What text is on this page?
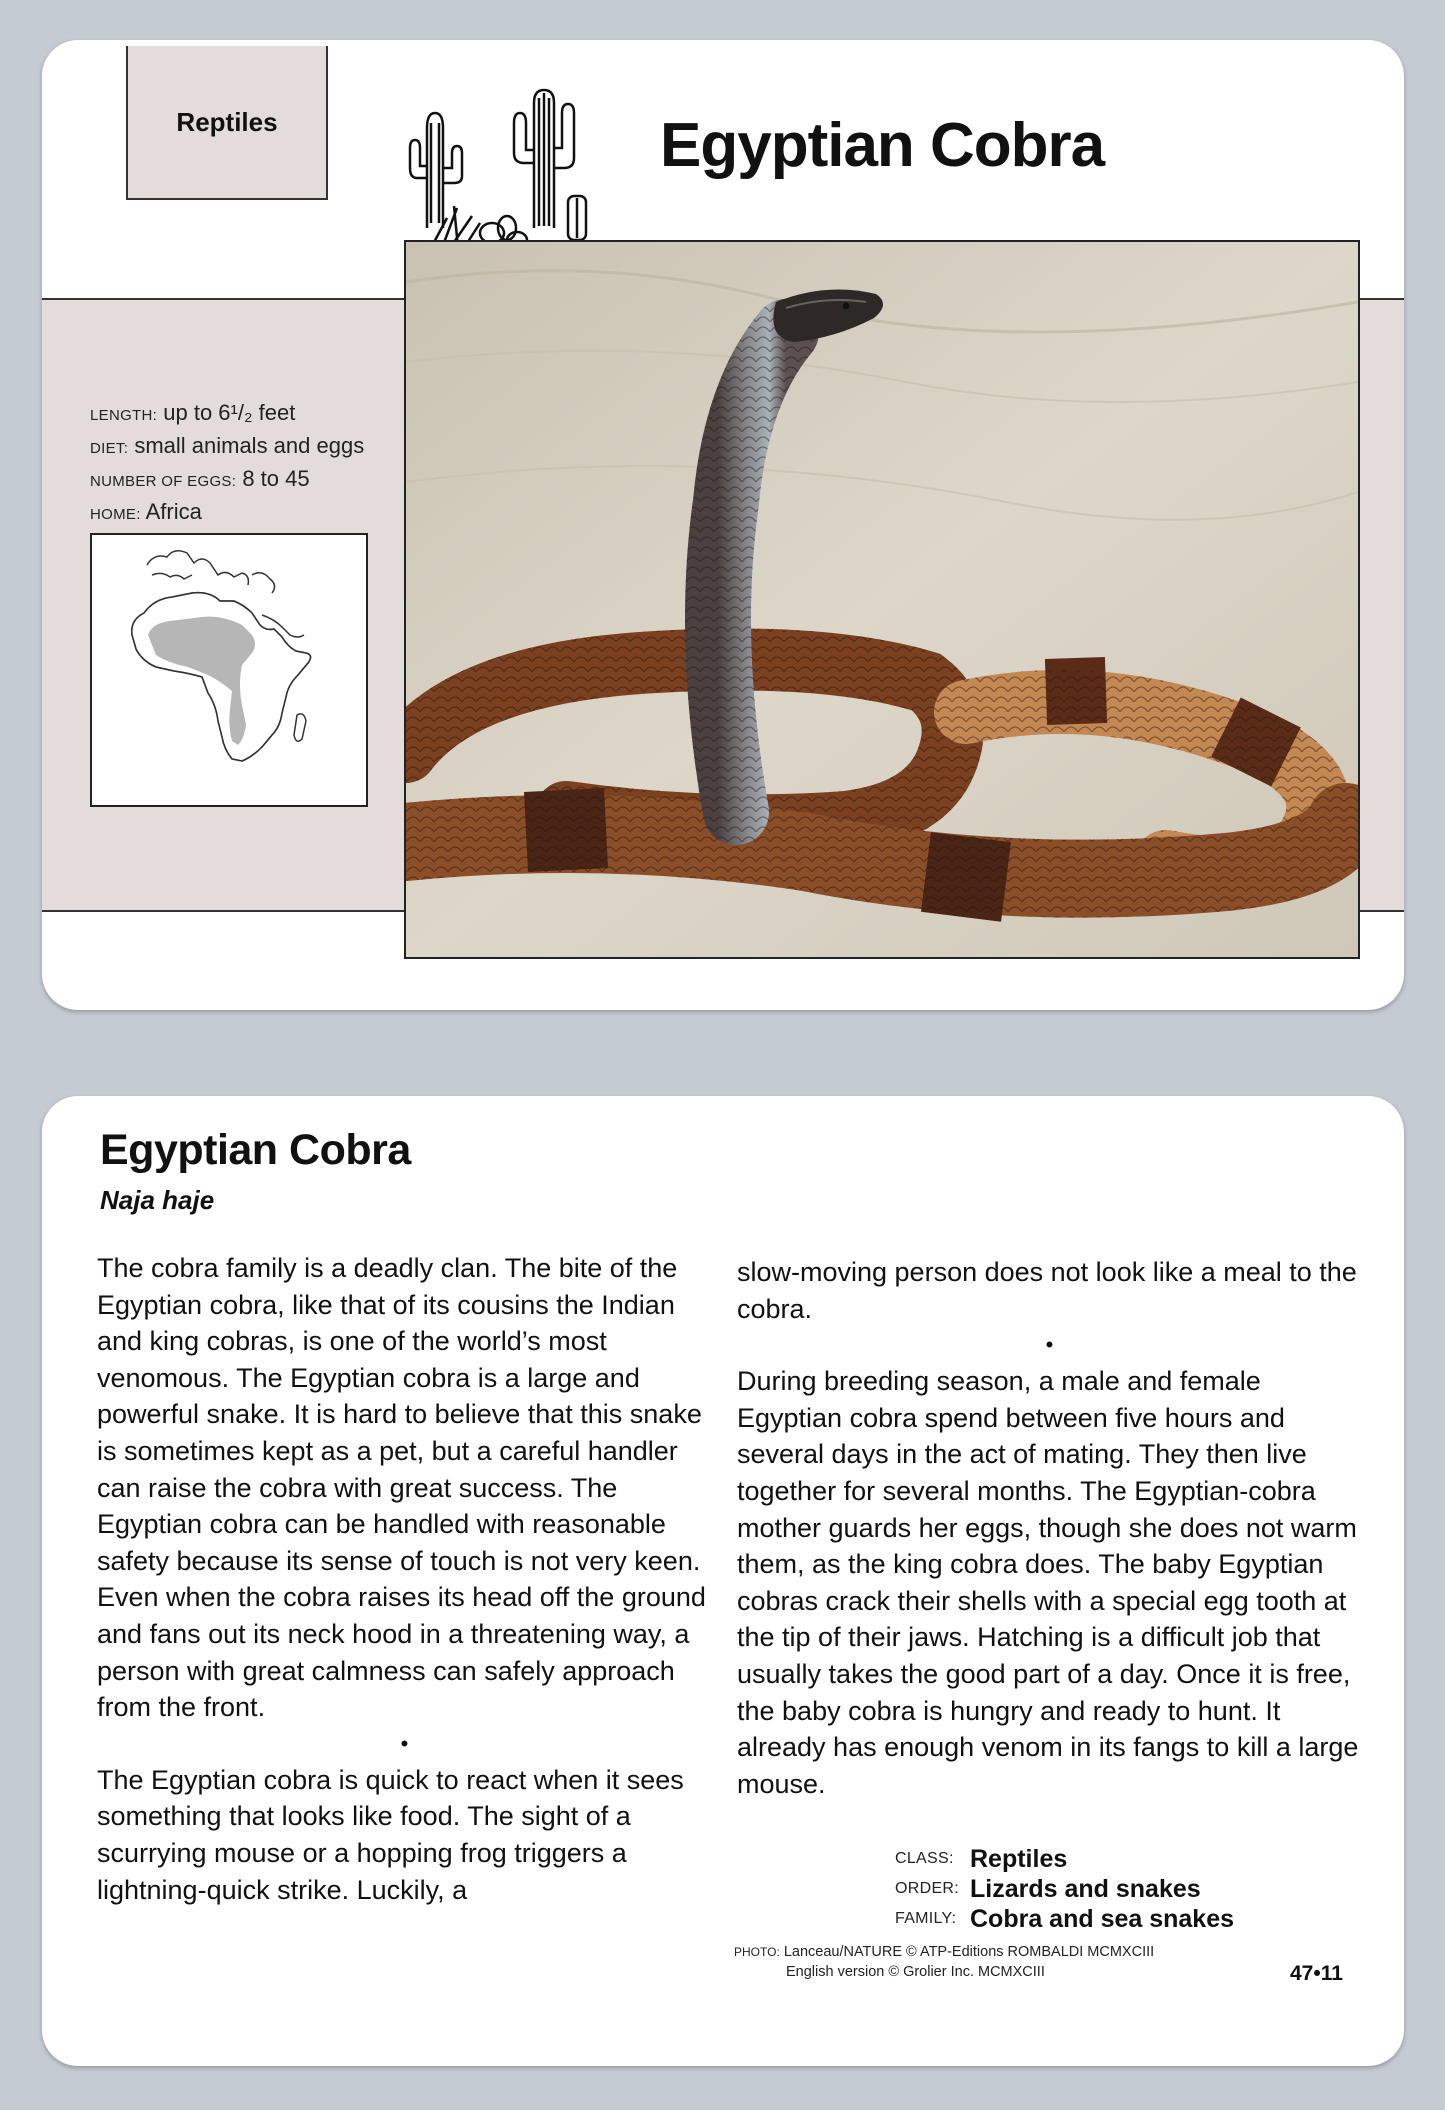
Reptiles	Egyptian Cobra
LENGTH: up to 6¹/₂ feet
DIET: small animals and eggs
NUMBER OF EGGS: 8 to 45
HOME: Africa
Egyptian Cobra
Naja haje

The cobra family is a deadly clan. The bite of the Egyptian cobra, like that of its cousins the Indian and king cobras, is one of the world’s most venomous. The Egyptian cobra is a large and powerful snake. It is hard to believe that this snake is sometimes kept as a pet, but a careful handler can raise the cobra with great success. The Egyptian cobra can be handled with reasonable safety because its sense of touch is not very keen. Even when the cobra raises its head off the ground and fans out its neck hood in a threatening way, a person with great calmness can safely approach from the front.

•

The Egyptian cobra is quick to react when it sees something that looks like food. The sight of a scurrying mouse or a hopping frog triggers a lightning-quick strike. Luckily, a

slow-moving person does not look like a meal to the cobra.

•

During breeding season, a male and female Egyptian cobra spend between five hours and several days in the act of mating. They then live together for several months. The Egyptian-cobra mother guards her eggs, though she does not warm them, as the king cobra does. The baby Egyptian cobras crack their shells with a special egg tooth at the tip of their jaws. Hatching is a difficult job that usually takes the good part of a day. Once it is free, the baby cobra is hungry and ready to hunt. It already has enough venom in its fangs to kill a large mouse.

CLASS: Reptiles
ORDER: Lizards and snakes
FAMILY: Cobra and sea snakes
PHOTO: Lanceau/NATURE © ATP-Editions ROMBALDI MCMXCIII
English version © Grolier Inc. MCMXCIII	47•11
